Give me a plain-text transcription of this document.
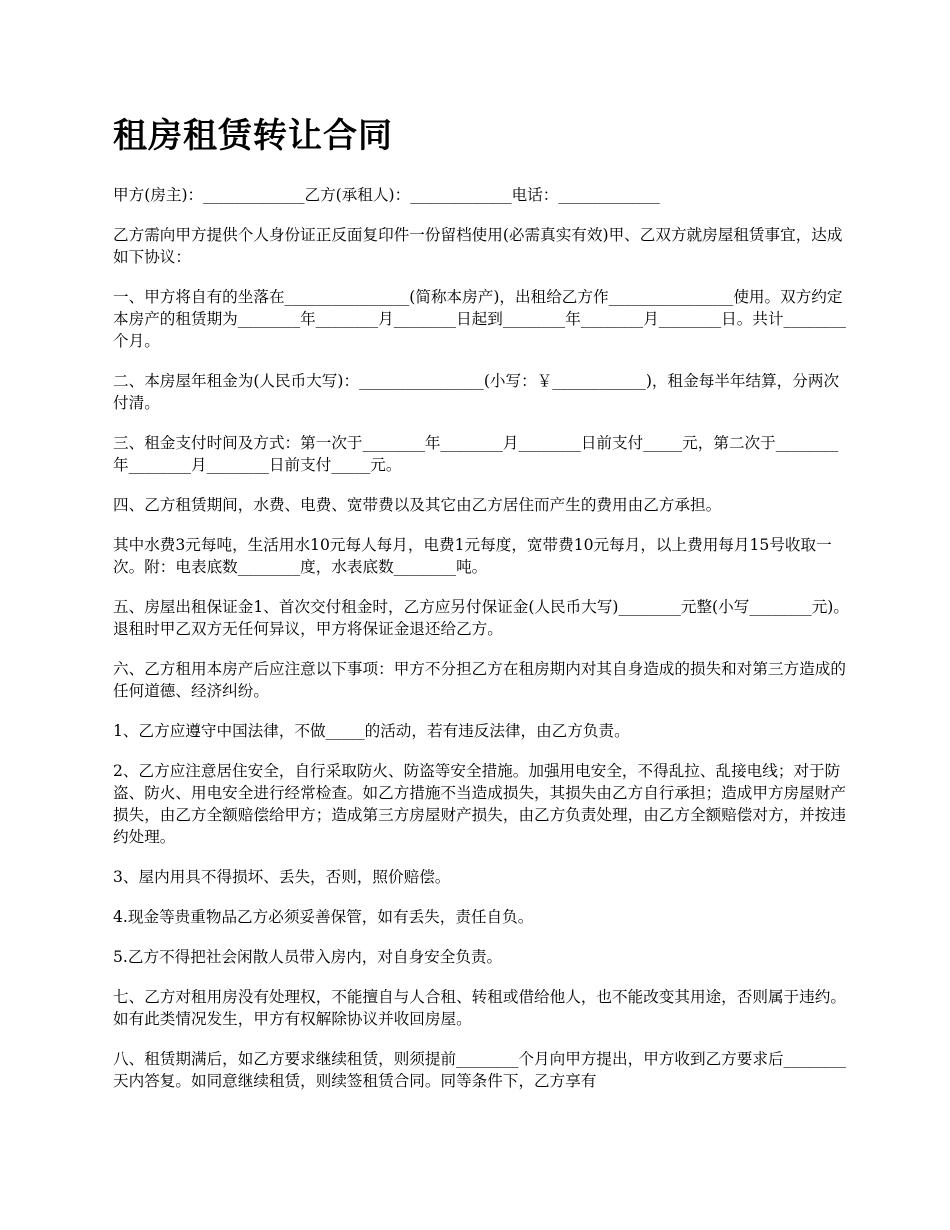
租房租赁转让合同

甲方(房主)：_____________乙方(承租人)：_____________电话：_____________

乙方需向甲方提供个人身份证正反面复印件一份留档使用(必需真实有效)甲、乙双方就房屋租赁事宜，达成如下协议：

一、甲方将自有的坐落在________________(简称本房产)，出租给乙方作________________使用。双方约定本房产的租赁期为________年________月________日起到________年________月________日。共计________个月。

二、本房屋年租金为(人民币大写)：________________(小写：￥____________)，租金每半年结算，分两次付清。

三、租金支付时间及方式：第一次于________年________月________日前支付_____元，第二次于________年________月________日前支付_____元。

四、乙方租赁期间，水费、电费、宽带费以及其它由乙方居住而产生的费用由乙方承担。

其中水费3元每吨，生活用水10元每人每月，电费1元每度，宽带费10元每月，以上费用每月15号收取一次。附：电表底数________度，水表底数________吨。

五、房屋出租保证金1、首次交付租金时，乙方应另付保证金(人民币大写)________元整(小写________元)。退租时甲乙双方无任何异议，甲方将保证金退还给乙方。

六、乙方租用本房产后应注意以下事项：甲方不分担乙方在租房期内对其自身造成的损失和对第三方造成的任何道德、经济纠纷。

1、乙方应遵守中国法律，不做_____的活动，若有违反法律，由乙方负责。

2、乙方应注意居住安全，自行采取防火、防盗等安全措施。加强用电安全，不得乱拉、乱接电线；对于防盗、防火、用电安全进行经常检查。如乙方措施不当造成损失，其损失由乙方自行承担；造成甲方房屋财产损失，由乙方全额赔偿给甲方；造成第三方房屋财产损失，由乙方负责处理，由乙方全额赔偿对方，并按违约处理。

3、屋内用具不得损坏、丢失，否则，照价赔偿。

4.现金等贵重物品乙方必须妥善保管，如有丢失，责任自负。

5.乙方不得把社会闲散人员带入房内，对自身安全负责。

七、乙方对租用房没有处理权，不能擅自与人合租、转租或借给他人，也不能改变其用途，否则属于违约。如有此类情况发生，甲方有权解除协议并收回房屋。

八、租赁期满后，如乙方要求继续租赁，则须提前________个月向甲方提出，甲方收到乙方要求后________天内答复。如同意继续租赁，则续签租赁合同。同等条件下，乙方享有
